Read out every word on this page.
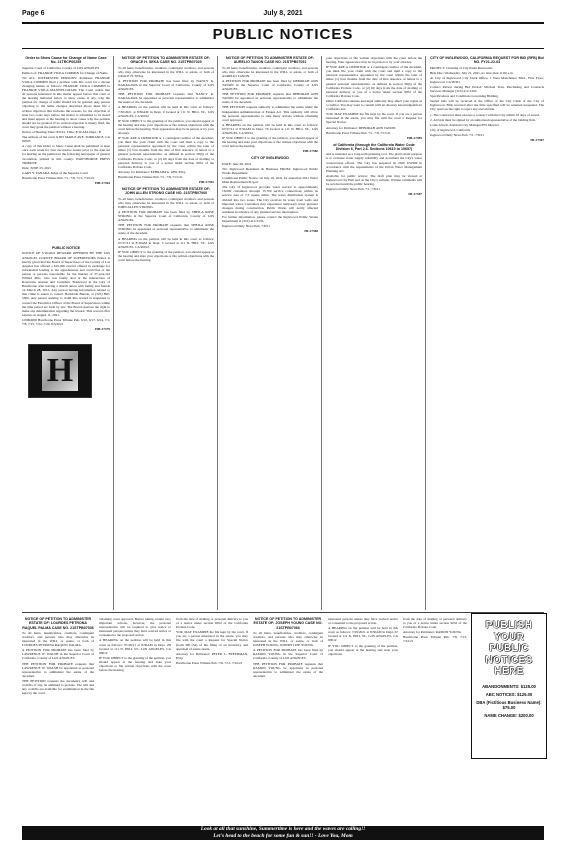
Page 6	July 8, 2021
PUBLIC NOTICES
Order to Show Cause for Change of Name Case No. 21TRCP00255

Superior Court of California, County of LOS ANGELES

Petition of: FRANKIE VIOLA COMMIN for Change of Name

TO ALL INTERESTED PERSONS: Petitioner FRANKIE VIOLA COMMIN filed a petition with this court for a decree changing names as follows: FRANKIE VIOLA COMMIN to FRANKIE VIOLA MAXWELLMAIN. The Court orders that all persons interested in this matter appear before this court at the hearing indicated below to show cause, if any, why the petition for change of name should not be granted. Any person objecting to the name changes described above must file a written objection that includes the reasons for the objection at least two court days before the matter is scheduled to be heard and must appear at the hearing to show cause why the petition should not be granted. If no written objection is timely filed, the court may grant the petition without a hearing.

Notice of Hearing: Date: 8/6/21, Time: 8:30 AM, Dept.: B

The address of the court is 825 MAPLE AVE, TORRANCE, CA 90503

A copy of this Order to Show Cause shall be published at least once each week for four successive weeks prior to the date set for hearing on the petition in the following newspaper of general circulation, printed in this county: HAWTHORNE PRESS TRIBUNE

Date: JUNE 23, 2021

GARY Y. TANAKA Judge of the Superior Court

Hawthorne Press Tribune Pub. 7/1, 7/8, 7/15, 7/22/21

HH-27364
PUBLIC NOTICE

NOTICE OF 5/10/2021 REWARD OFFERED BY THE LOS ANGELES COUNTY BOARD OF SUPERVISORS Notice is hereby given that the Board of Supervisors of the County of Los Angeles has offered a $10,000 reward offered in exchange for information leading to the apprehension and conviction of the person or persons responsible for the murder of 37-year-old Willard Pitts, who was fatally shot at the intersection of Rosecrans Avenue and Crenshaw Boulevard in the City of Hawthorne after leaving a church dance with family and friends on March 28, 2015. Any person having information related to this crime is asked to contact Homicide Bureau, at (323) 890-5500. Any person seeking to claim this reward is requested to contact the Executive Officer of the Board of Supervisors within the time period set forth by law. The Board reserves the right to make any determination regarding the reward. This reward offer expires on August 11, 2021.

CN964950 Hawthorne Press Tribune Pub. 6/10, 6/17, 6/24, 7/1, 7/8, 7/15, 7/22, 7/29, 8/5/2021

HH-27379
NOTICE OF PETITION TO ADMINISTER ESTATE OF: GRACE H. SEKA CASE NO. 21STPB07025

To all heirs, beneficiaries, creditors, contingent creditors, and persons who may otherwise be interested in the WILL or estate, or both of GRACE H. SEKA

A PETITION FOR PROBATE has been filed by NANCY K. NAKAGAWA in the Superior Court of California, County of LOS ANGELES.

THE PETITION FOR PROBATE requests that NANCY K. NAKAGAWA be appointed as personal representative to administer the estate of the decedent.

A HEARING on the petition will be held in this court as follows: 7/30/2021 at 8:30AM in Dept. 9 located at 111 N. HILL ST., LOS ANGELES, CA 90012

IF YOU OBJECT to the granting of the petition, you should appear at the hearing and state your objections or file written objections with the court before the hearing. Your appearance may be in person or by your attorney.

IF YOU ARE A CREDITOR or a contingent creditor of the decedent, you must file your claim with the court and mail a copy to the personal representative appointed by the court within the later of either (1) four months from the date of first issuance of letters to a general personal representative, as defined in section 58(b) of the California Probate Code, or (2) 60 days from the date of mailing or personal delivery to you of a notice under section 9052 of the California Probate Code.

Attorney for Petitioner: EPHRAIM G. OBI, ESQ.

Hawthorne Press Tribune Pub. 7/1, 7/8, 7/15/21

HH-27381
NOTICE OF PETITION TO ADMINISTER ESTATE OF: JOHN ALLEN STRONG CASE NO. 21STPB07060

To all heirs, beneficiaries, creditors, contingent creditors, and persons who may otherwise be interested in the WILL or estate, or both of JOHN ALLEN STRONG.

A PETITION FOR PROBATE has been filed by SHEILA ROSE STRONG in the Superior Court of California, County of LOS ANGELES.

THE PETITION FOR PROBATE requests that SHEILA ROSE STRONG be appointed as personal representative to administer the estate of the decedent.

A HEARING on the petition will be held in this court as follows: 07/27/21 at 8:30AM in Dept. 5 located at 111 N. HILL ST., LOS ANGELES, CA 90012

IF YOU OBJECT to the granting of the petition, you should appear at the hearing and state your objections or file written objections with the court before the hearing.

NOTICE OF PETITION TO ADMINISTER ESTATE OF: AURELIO TANON CASE NO. 21STPB07051

To all heirs, beneficiaries, creditors, contingent creditors, and persons who may otherwise be interested in the WILL or estate, or both of AURELIO TANON.

A PETITION FOR PROBATE has been filed by DEBORAH ANN TANON in the Superior Court of California, County of LOS ANGELES.

THE PETITION FOR PROBATE requests that DEBORAH ANN TANON be appointed as personal representative to administer the estate of the decedent.

THE PETITION requests authority to administer the estate under the Independent Administration of Estates Act. This authority will allow the personal representative to take many actions without obtaining court approval.

A HEARING on the petition will be held in this court as follows: 07/27/21 at 8:30AM in Dept. 79 located at 111 N. HILL ST., LOS ANGELES, CA 90012

IF YOU OBJECT to the granting of the petition, you should appear at the hearing and state your objections or file written objections with the court before the hearing.

HH-27380
CITY OF INGLEWOOD

DATE: June 28, 2021

TO: Inglewood Residents & Business FROM: Inglewood Public Works Department

Conditional Public Notice: on July 19, 2021 for alteration 2021 Water Main Replacement Project

The City of Inglewood provides water service to approximately 16,000 customers through 15,700 service connections within its service area of 7.3 square miles. The water distribution system is divided into two zones. The City receives its water from wells and imported water. Customers may experience temporary water pressure changes during construction. Public Works will notify affected residents in advance of any planned service interruption.

For further information, please contact the Inglewood Public Works Department at (310) 412-5333.

Inglewood Daily News Pub. 7/8/21

HI-27388

your objections or file written objections with the court before the hearing. Your appearance may be in person or by your attorney.

IF YOU ARE A CREDITOR or a contingent creditor of the decedent, you must file your claim with the court and mail a copy to the personal representative appointed by the court within the later of either (1) four months from the date of first issuance of letters to a general personal representative, as defined in section 58(b) of the California Probate Code, or (2) 60 days from the date of mailing or personal delivery to you of a notice under section 9052 of the California Probate Code.

Other California statutes and legal authority may affect your rights as a creditor. You may want to consult with an attorney knowledgeable in California law.

YOU MAY EXAMINE the file kept by the court. If you are a person interested in the estate, you may file with the court a Request for Special Notice.

Attorney for Petitioner: DEBORAH ANN TANON

Hawthorne Press Tribune Pub. 7/1, 7/8, 7/15/21

HH-27385
of California (through the California Water Code Division 6, Part 2.6. Sections 10610 to 10657)

and is intended as a long-term planning tool. The plan's main purpose is to evaluate water supply reliability and document the City's water conservation efforts. The City has prepared its 2020 UWMP in accordance with the requirements of the Urban Water Management Planning Act.

Available for public review: The draft plan may be viewed at Inglewood City Hall and on the City's website. Written comments will be received until the public hearing.

Inglewood Daily News Pub. 7/1, 7/8/21

HI-27387
CITY OF INGLEWOOD, CALIFORNIA REQUEST FOR BID (RFB) Bid NO. FY21-22-03

PROJECT: Cleaning of City Parks Restrooms

Bids Due: Wednesday, July 21, 2021, no later than 11:00 a.m.

At City of Inglewood City Clerk Office, 1 West Manchester Blvd., First Floor, Inglewood, CA 90301

Contact Person during Bid Period: Michael Tran, Purchasing and Contracts Services Manager (310) 412-5320

Specifications and Conditions Governing Bidding.

Sealed bids will be received at the Office of the City Clerk of the City of Inglewood. Bids received after the time specified will be returned unopened. The City reserves the right to reject any and all bids.

1. The Contractor must execute a contract with the City within 10 days of award.

2. All bids must be signed by an authorized representative of the bidding firm.

Louis Atwell, Assistant City Manager/PW Director

City of Inglewood, California

Inglewood Daily News Pub. 7/1, 7/8/21

HI-27387
H
NOTICE OF PETITION TO ADMINISTER ESTATE OF: LOURDES PETRONA RAQUEL PALMA CASE NO. 21STPB07036

To all heirs, beneficiaries, creditors, contingent creditors, and persons who may otherwise be interested in the WILL or estate, or both of LOURDES PETRONA RAQUEL PALMA.

A PETITION FOR PROBATE has been filed by LAWRENCE W. WALSH in the Superior Court of California, County of LOS ANGELES.

THE PETITION FOR PROBATE requests that LAWRENCE W. WALSH be appointed as personal representative to administer the estate of the decedent.

THE PETITION requests the decedent's will and codicils, if any, be admitted to probate. The will and any codicils are available for examination in the file kept by the court.

obtaining court approval. Before taking certain very important actions, however, the personal representative will be required to give notice to interested persons unless they have waived notice or consented to the proposed action.

A HEARING on the petition will be held in this court as follows: 07/26/21 at 8:30AM in Dept. 2D located at 111 N. HILL ST., LOS ANGELES, CA 90012

IF YOU OBJECT to the granting of the petition, you should appear at the hearing and state your objections or file written objections with the court before the hearing.

from the date of mailing or personal delivery to you of a notice under section 9052 of the California Probate Code.

YOU MAY EXAMINE the file kept by the court. If you are a person interested in the estate, you may file with the court a Request for Special Notice (form DE-154) of the filing of an inventory and appraisal of estate assets.

Attorney for Petitioner: PETER L. FREEDMAN, ESQ.

Hawthorne Press Tribune Pub. 7/8, 7/15, 7/22/21

NOTICE OF PETITION TO ADMINISTER ESTATE OF: JOSEPH YOUNG CASE NO. 21STPB07066

To all heirs, beneficiaries, creditors, contingent creditors, and persons who may otherwise be interested in the WILL or estate, or both of JOSEPH YOUNG, JOSEPH LUIE YOUNG.

A PETITION FOR PROBATE has been filed by RAMON YOUNG in the Superior Court of California, County of LOS ANGELES.

THE PETITION FOR PROBATE requests that RAMON YOUNG be appointed as personal representative to administer the estate of the decedent.

interested persons unless they have waived notice or consented to the proposed action.

A HEARING on the petition will be held in this court as follows: 7/29/2021 at 8:30AM in Dept. 67 located at 111 N. HILL ST., LOS ANGELES, CA 90012

IF YOU OBJECT to the granting of the petition, you should appear at the hearing and state your objections.

from the date of mailing or personal delivery to you of a notice under section 9052 of the California Probate Code.

Attorney for Petitioner: RAMON YOUNG

Hawthorne Press Tribune Pub. 7/8, 7/15, 7/22/21

PUBLISH YOUR PUBLIC NOTICES HERE
ABANDONMENTS: $125.00
ABC NOTICES: $125.00
DBA (Fictitious Business Name): $75.00
NAME CHANGE: $200.00
Look at all that sunshine, Summertime is here and the waves are calling!!
Let's head to the beach for some fun & sun!! - Love You, Mom
